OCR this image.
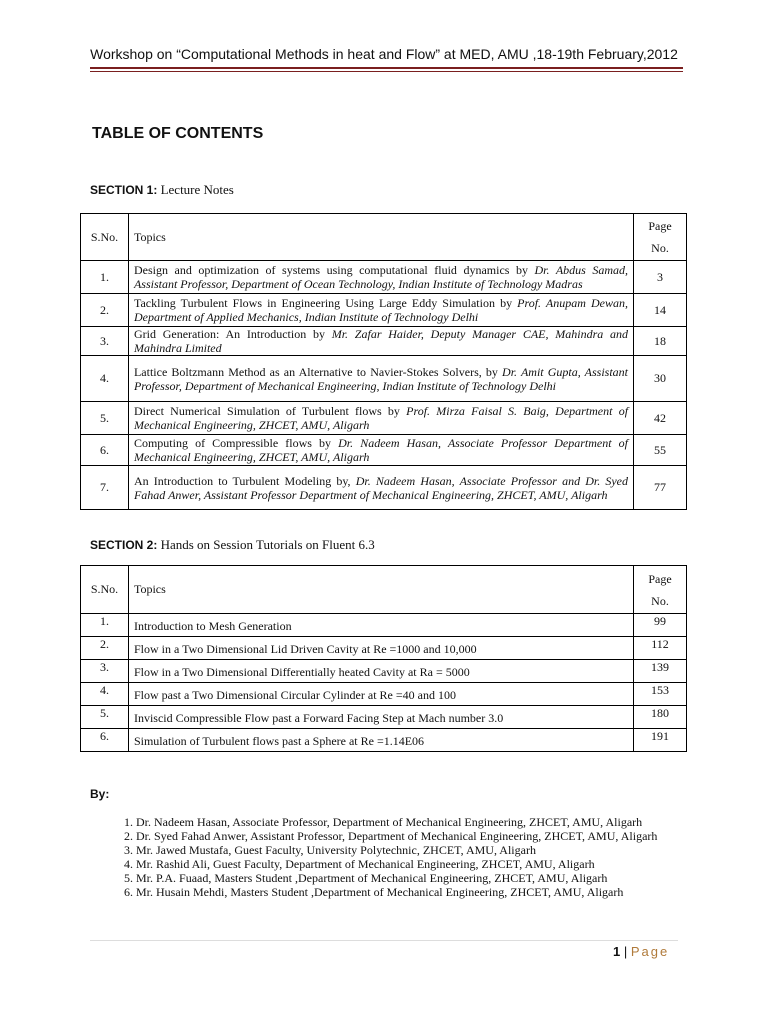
Workshop on “Computational Methods in heat and Flow” at MED, AMU ,18-19th February,2012
TABLE OF CONTENTS
SECTION 1: Lecture Notes
S.No.	Topics	Page
No.
1.	Design and optimization of systems using computational fluid dynamics by Dr. Abdus Samad, Assistant Professor, Department of Ocean Technology, Indian Institute of Technology Madras	3
2.	Tackling Turbulent Flows in Engineering Using Large Eddy Simulation by Prof. Anupam Dewan, Department of Applied Mechanics, Indian Institute of Technology Delhi	14
3.	Grid Generation: An Introduction by Mr. Zafar Haider, Deputy Manager CAE, Mahindra and Mahindra Limited	18
4.	Lattice Boltzmann Method as an Alternative to Navier-Stokes Solvers, by Dr. Amit Gupta, Assistant Professor, Department of Mechanical Engineering, Indian Institute of Technology Delhi	30
5.	Direct Numerical Simulation of Turbulent flows by Prof. Mirza Faisal S. Baig, Department of Mechanical Engineering, ZHCET, AMU, Aligarh	42
6.	Computing of Compressible flows by Dr. Nadeem Hasan, Associate Professor Department of Mechanical Engineering, ZHCET, AMU, Aligarh	55
7.	An Introduction to Turbulent Modeling by, Dr. Nadeem Hasan, Associate Professor and Dr. Syed Fahad Anwer, Assistant Professor Department of Mechanical Engineering, ZHCET, AMU, Aligarh	77
SECTION 2: Hands on Session Tutorials on Fluent 6.3
S.No.	Topics	Page
No.
1.	Introduction to Mesh Generation	99
2.	Flow in a Two Dimensional Lid Driven Cavity at Re =1000 and 10,000	112
3.	Flow in a Two Dimensional Differentially heated Cavity at Ra = 5000	139
4.	Flow past a Two Dimensional Circular Cylinder at Re =40 and 100	153
5.	Inviscid Compressible Flow past a Forward Facing Step at Mach number 3.0	180
6.	Simulation of Turbulent flows past a Sphere at Re =1.14E06	191
By:
1. Dr. Nadeem Hasan, Associate Professor, Department of Mechanical Engineering, ZHCET, AMU, Aligarh
2. Dr. Syed Fahad Anwer, Assistant Professor, Department of Mechanical Engineering, ZHCET, AMU, Aligarh
3. Mr. Jawed Mustafa, Guest Faculty, University Polytechnic, ZHCET, AMU, Aligarh
4. Mr. Rashid Ali, Guest Faculty, Department of Mechanical Engineering, ZHCET, AMU, Aligarh
5. Mr. P.A. Fuaad, Masters Student ,Department of Mechanical Engineering, ZHCET, AMU, Aligarh
6. Mr. Husain Mehdi, Masters Student ,Department of Mechanical Engineering, ZHCET, AMU, Aligarh
1 | Page
